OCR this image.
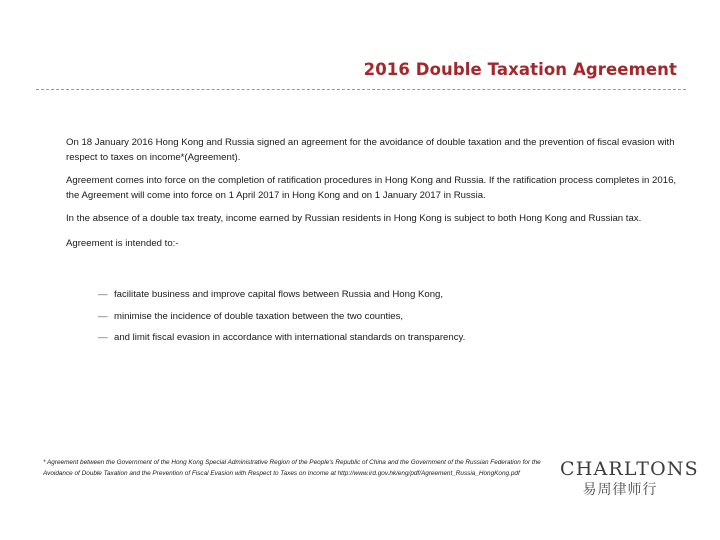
2016 Double Taxation Agreement
On 18 January 2016 Hong Kong and Russia signed an agreement for the avoidance of double taxation and the prevention of fiscal evasion with respect to taxes on income*(Agreement).
Agreement comes into force on the completion of ratification procedures in Hong Kong and Russia. If the ratification process completes in 2016, the Agreement will come into force on 1 April 2017 in Hong Kong and on 1 January 2017 in Russia.
In the absence of a double tax treaty, income earned by Russian residents in Hong Kong is subject to both Hong Kong and Russian tax.
Agreement is intended to:-
— facilitate business and improve capital flows between Russia and Hong Kong,
— minimise the incidence of double taxation between the two counties,
— and limit fiscal evasion in accordance with international standards on transparency.
* Agreement between the Government of the Hong Kong Special Administrative Region of the People's Republic of China and the Government of the Russian Federation for the Avoidance of Double Taxation and the Prevention of Fiscal Evasion with Respect to Taxes on Income at http://www.ird.gov.hk/eng/pdf/Agreement_Russia_HongKong.pdf	CHARLTONS
易周律师行
